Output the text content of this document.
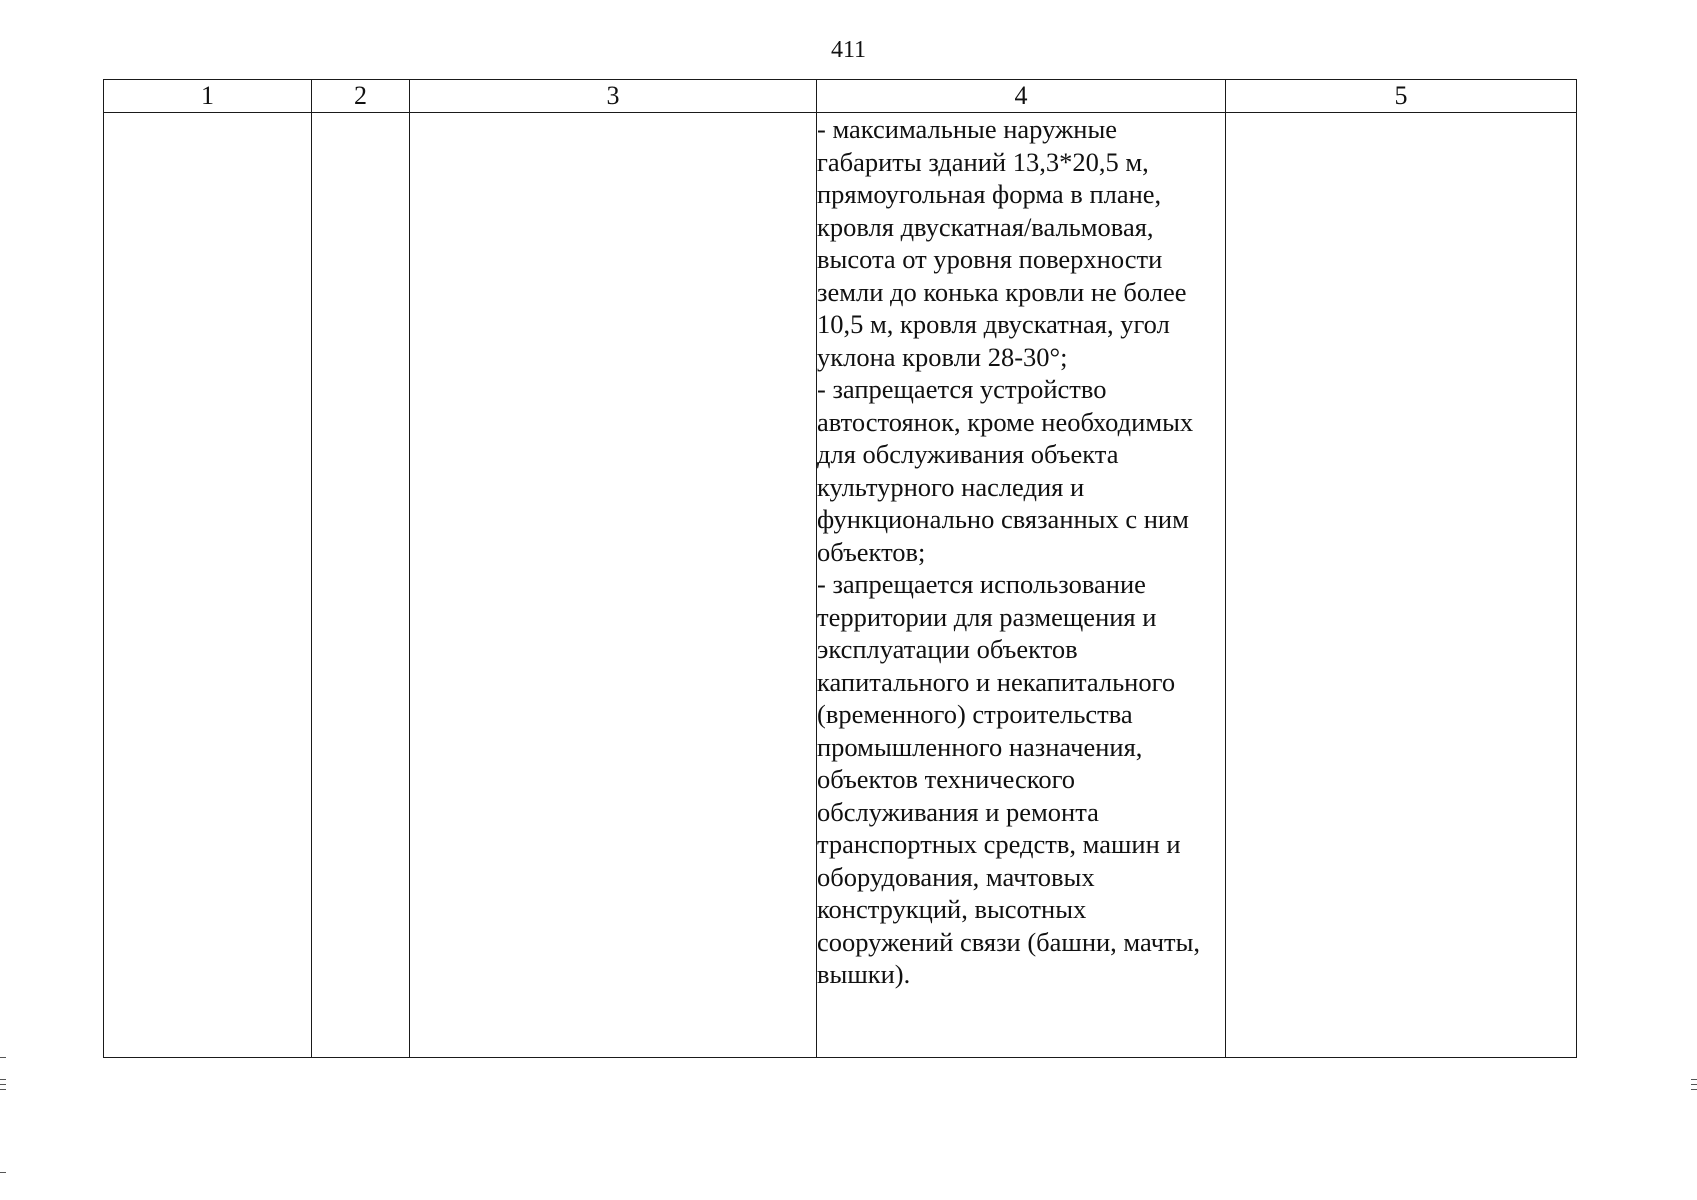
411
1	2	3	4	5

			- максимальные наружные габариты зданий 13,3*20,5 м, прямоугольная форма в плане, кровля двускатная/вальмовая, высота от уровня поверхности земли до конька кровли не более 10,5 м, кровля двускатная, угол уклона кровли 28-30°;
- запрещается устройство автостоянок, кроме необходимых для обслуживания объекта культурного наследия и функционально связанных с ним объектов;
- запрещается использование территории для размещения и эксплуатации объектов капитального и некапитального (временного) строительства промышленного назначения, объектов технического обслуживания и ремонта транспортных средств, машин и оборудования, мачтовых конструкций, высотных сооружений связи (башни, мачты, вышки).	
